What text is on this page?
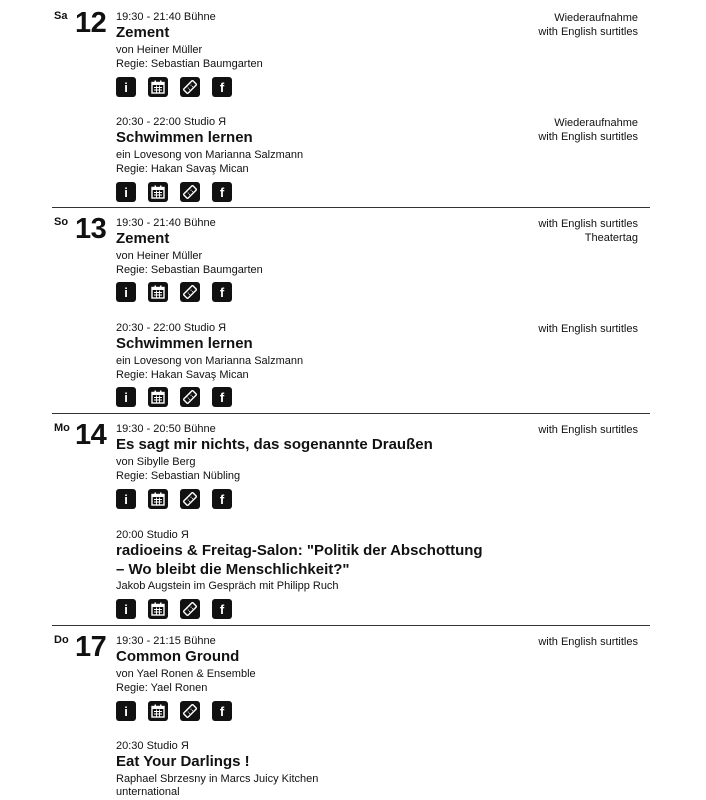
Sa 12 19:30 - 21:40 Bühne
Zement
von Heiner Müller
Regie: Sebastian Baumgarten
Wiederaufnahme
with English surtitles
i	f
20:30 - 22:00 Studio Я
Schwimmen lernen
ein Lovesong von Marianna Salzmann
Regie: Hakan Savaş Mican
Wiederaufnahme
with English surtitles
i	f
So 13 19:30 - 21:40 Bühne
Zement
von Heiner Müller
Regie: Sebastian Baumgarten
with English surtitles
Theatertag
i	f
20:30 - 22:00 Studio Я
Schwimmen lernen
ein Lovesong von Marianna Salzmann
Regie: Hakan Savaş Mican
with English surtitles
i	f
Mo 14 19:30 - 20:50 Bühne
Es sagt mir nichts, das sogenannte Draußen
von Sibylle Berg
Regie: Sebastian Nübling
with English surtitles
i	f
20:00 Studio Я
radioeins & Freitag-Salon: "Politik der Abschottung
– Wo bleibt die Menschlichkeit?"
Jakob Augstein im Gespräch mit Philipp Ruch
i	f
Do 17 19:30 - 21:15 Bühne
Common Ground
von Yael Ronen & Ensemble
Regie: Yael Ronen
with English surtitles
i	f
20:30 Studio Я
Eat Your Darlings !
Raphael Sbrzesny in Marcs Juicy Kitchen
unternational
